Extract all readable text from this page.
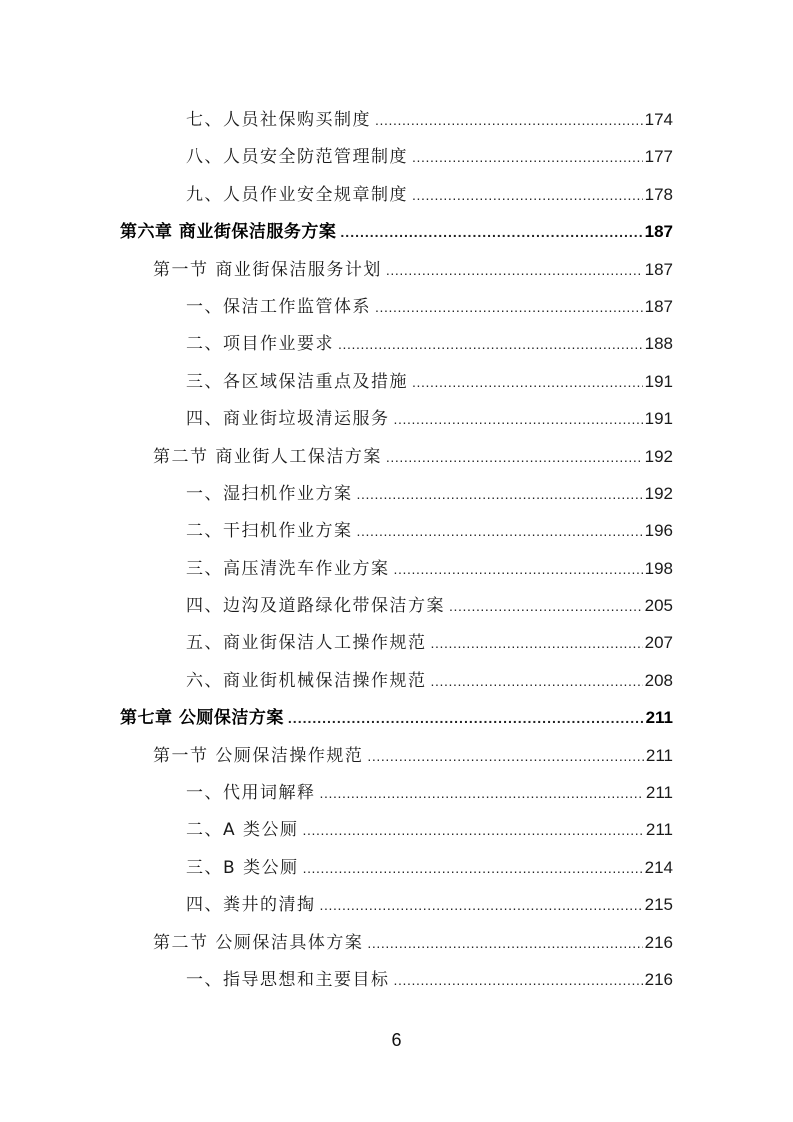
七、人员社保购买制度 .....	174
八、人员安全防范管理制度 .....	177
九、人员作业安全规章制度 .....	178
第六章 商业街保洁服务方案 .....	187
第一节 商业街保洁服务计划 .....	187
一、保洁工作监管体系 .....	187
二、项目作业要求 .....	188
三、各区域保洁重点及措施 .....	191
四、商业街垃圾清运服务 .....	191
第二节 商业街人工保洁方案 .....	192
一、湿扫机作业方案 .....	192
二、干扫机作业方案 .....	196
三、高压清洗车作业方案 .....	198
四、边沟及道路绿化带保洁方案 .....	205
五、商业街保洁人工操作规范 .....	207
六、商业街机械保洁操作规范 .....	208
第七章 公厕保洁方案 .....	211
第一节 公厕保洁操作规范 .....	211
一、代用词解释 .....	211
二、A 类公厕 .....	211
三、B 类公厕 .....	214
四、粪井的清掏 .....	215
第二节 公厕保洁具体方案 .....	216
一、指导思想和主要目标 .....	216
6
